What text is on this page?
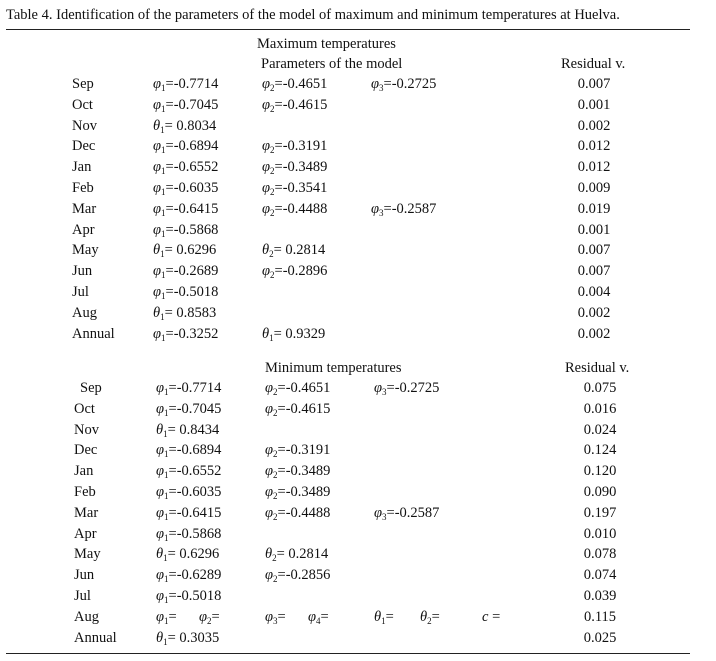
Table 4. Identification of the parameters of the model of maximum and minimum temperatures at Huelva.
Maximum temperatures
Parameters of the model	Residual v.
Sep	$\varphi_1=-0.7714$	$\varphi_2=-0.4651$	$\varphi_3=-0.2725$	0.007
Oct	$\varphi_1=-0.7045$	$\varphi_2=-0.4615$	0.001
Nov	$\theta_1= 0.8034$	0.002
Dec	$\varphi_1=-0.6894$	$\varphi_2=-0.3191$	0.012
Jan	$\varphi_1=-0.6552$	$\varphi_2=-0.3489$	0.012
Feb	$\varphi_1=-0.6035$	$\varphi_2=-0.3541$	0.009
Mar	$\varphi_1=-0.6415$	$\varphi_2=-0.4488$	$\varphi_3=-0.2587$	0.019
Apr	$\varphi_1=-0.5868$	0.001
May	$\theta_1= 0.6296$	$\theta_2= 0.2814$	0.007
Jun	$\varphi_1=-0.2689$	$\varphi_2=-0.2896$	0.007
Jul	$\varphi_1=-0.5018$	0.004
Aug	$\theta_1= 0.8583$	0.002
Annual	$\varphi_1=-0.3252$	$\theta_1= 0.9329$	0.002
Minimum temperatures	Residual v.
Sep	$\varphi_1=-0.7714$	$\varphi_2=-0.4651$	$\varphi_3=-0.2725$	0.075
Oct	$\varphi_1=-0.7045$	$\varphi_2=-0.4615$	0.016
Nov	$\theta_1= 0.8434$	0.024
Dec	$\varphi_1=-0.6894$	$\varphi_2=-0.3191$	0.124
Jan	$\varphi_1=-0.6552$	$\varphi_2=-0.3489$	0.120
Feb	$\varphi_1=-0.6035$	$\varphi_2=-0.3489$	0.090
Mar	$\varphi_1=-0.6415$	$\varphi_2=-0.4488$	$\varphi_3=-0.2587$	0.197
Apr	$\varphi_1=-0.5868$	0.010
May	$\theta_1= 0.6296$	$\theta_2= 0.2814$	0.078
Jun	$\varphi_1=-0.6289$	$\varphi_2=-0.2856$	0.074
Jul	$\varphi_1=-0.5018$	0.039
Aug	$\varphi_1= \varphi_2=$	$\varphi_3= \varphi_4=$	$\theta_1= \theta_2=$	c =	0.115
Annual	$\theta_1= 0.3035$	0.025
